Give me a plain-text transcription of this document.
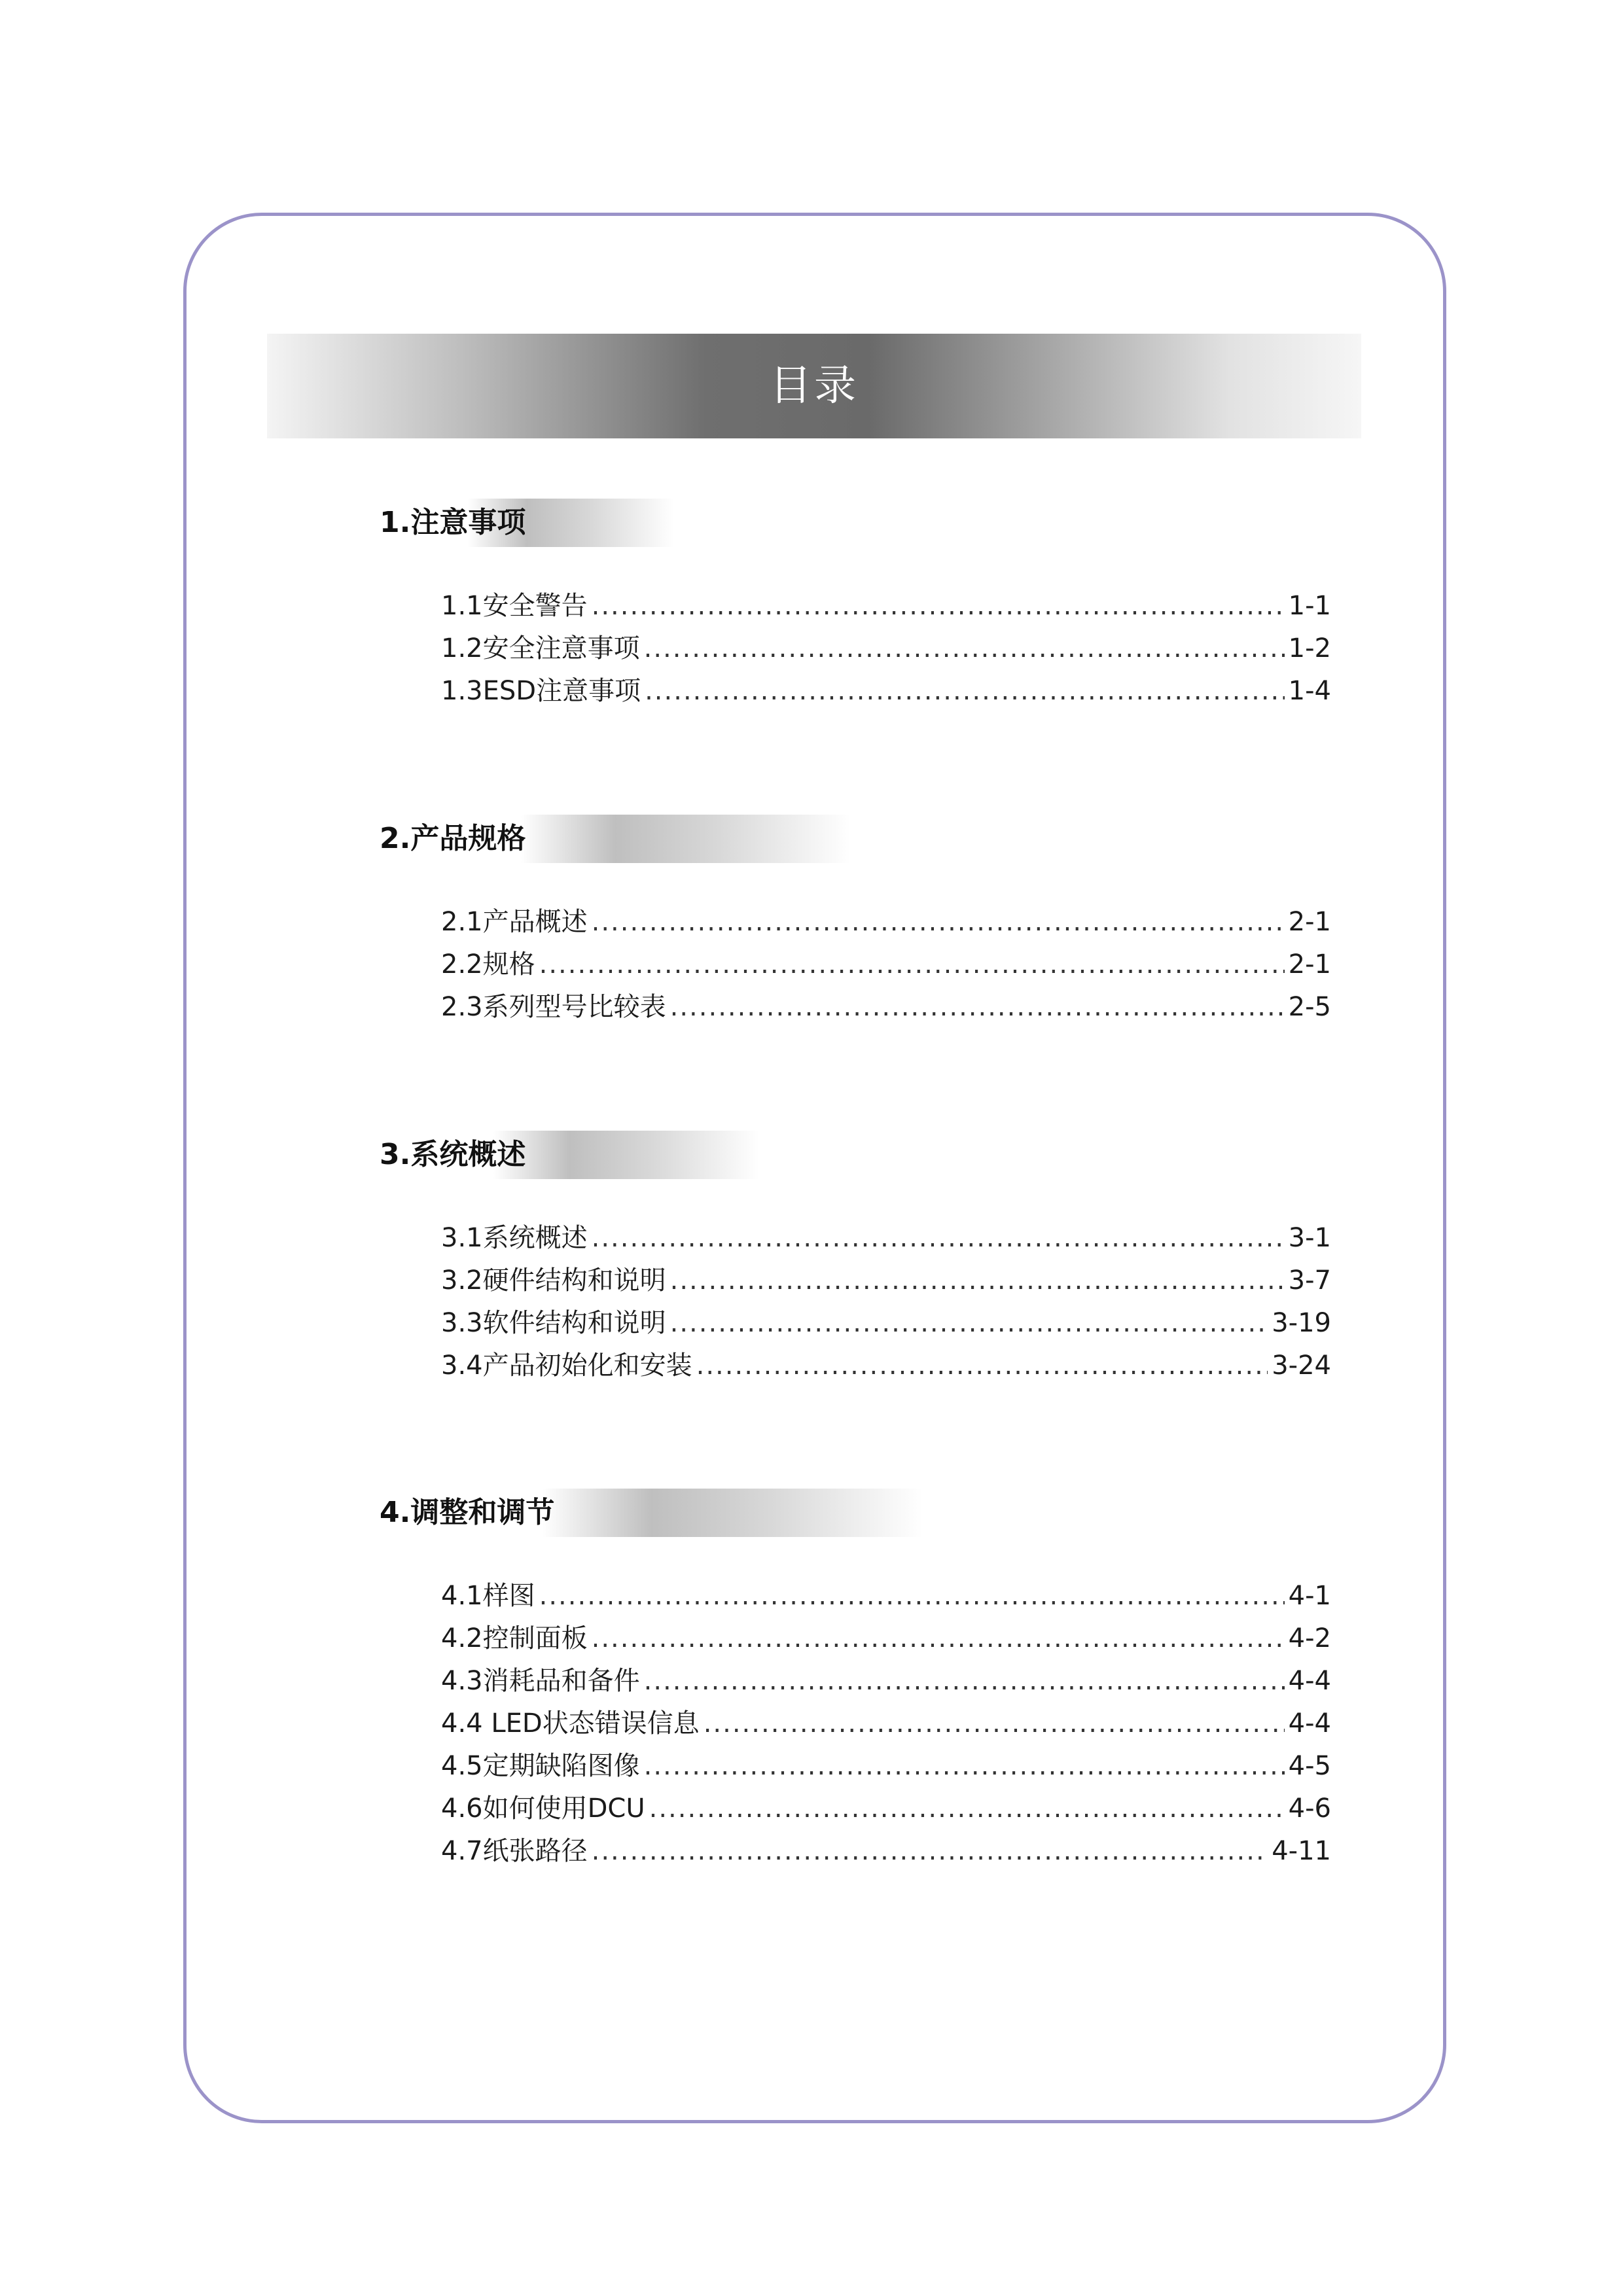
目录
1.注意事项
1.1安全警告 .....	1-1
1.2安全注意事项 .....	1-2
1.3ESD注意事项 .....	1-4
2.产品规格
2.1产品概述 .....	2-1
2.2规格 .....	2-1
2.3系列型号比较表 .....	2-5
3.系统概述
3.1系统概述 .....	3-1
3.2硬件结构和说明 .....	3-7
3.3软件结构和说明 .....	3-19
3.4产品初始化和安装 .....	3-24
4.调整和调节
4.1样图 .....	4-1
4.2控制面板 .....	4-2
4.3消耗品和备件 .....	4-4
4.4 LED状态错误信息 .....	4-4
4.5定期缺陷图像 .....	4-5
4.6如何使用DCU .....	4-6
4.7纸张路径 .....	4-11
